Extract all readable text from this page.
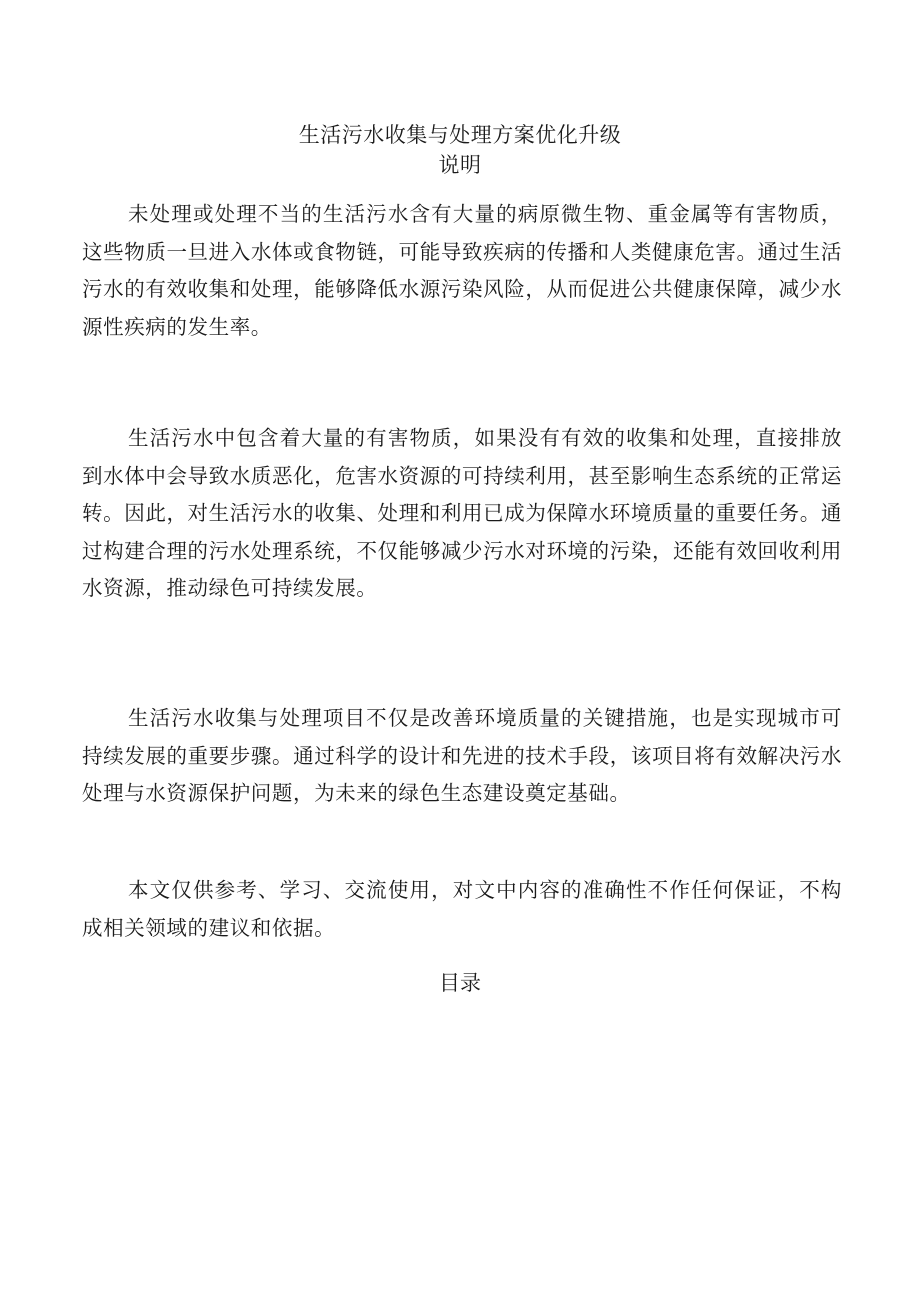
生活污水收集与处理方案优化升级
说明

未处理或处理不当的生活污水含有大量的病原微生物、重金属等有害物质，这些物质一旦进入水体或食物链，可能导致疾病的传播和人类健康危害。通过生活污水的有效收集和处理，能够降低水源污染风险，从而促进公共健康保障，减少水源性疾病的发生率。

生活污水中包含着大量的有害物质，如果没有有效的收集和处理，直接排放到水体中会导致水质恶化，危害水资源的可持续利用，甚至影响生态系统的正常运转。因此，对生活污水的收集、处理和利用已成为保障水环境质量的重要任务。通过构建合理的污水处理系统，不仅能够减少污水对环境的污染，还能有效回收利用水资源，推动绿色可持续发展。

生活污水收集与处理项目不仅是改善环境质量的关键措施，也是实现城市可持续发展的重要步骤。通过科学的设计和先进的技术手段，该项目将有效解决污水处理与水资源保护问题，为未来的绿色生态建设奠定基础。

本文仅供参考、学习、交流使用，对文中内容的准确性不作任何保证，不构成相关领域的建议和依据。

目录
